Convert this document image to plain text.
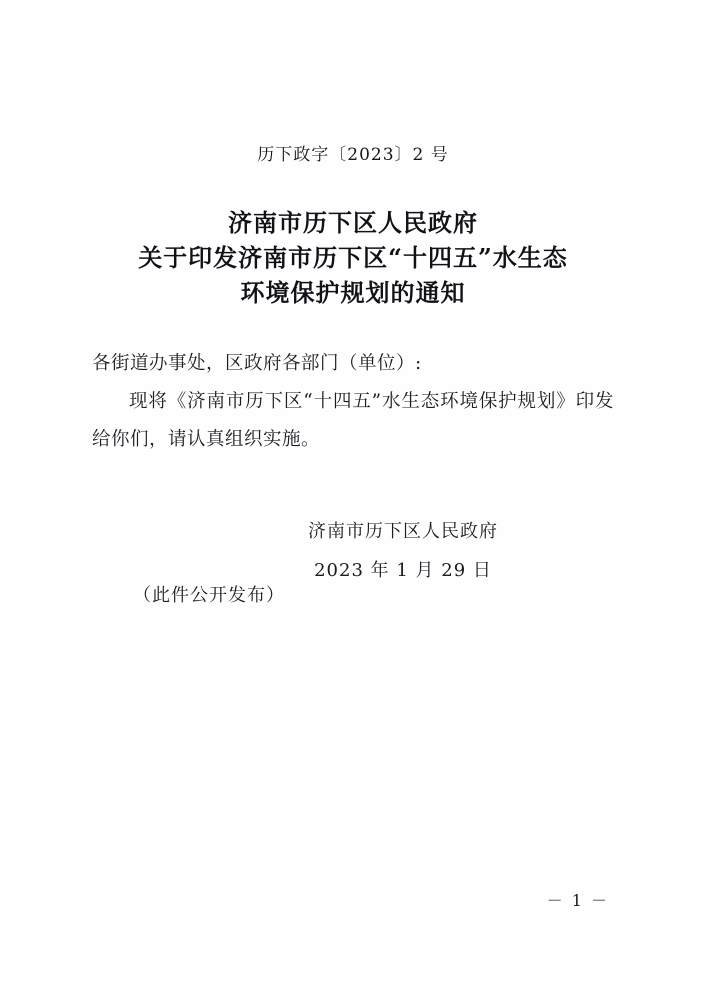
历下政字〔2023〕2 号
济南市历下区人民政府
关于印发济南市历下区“十四五”水生态
环境保护规划的通知
各街道办事处，区政府各部门（单位）:
现将《济南市历下区“十四五”水生态环境保护规划》印发给你们，请认真组织实施。
济南市历下区人民政府
2023 年 1 月 29 日
（此件公开发布）
－ 1 －
